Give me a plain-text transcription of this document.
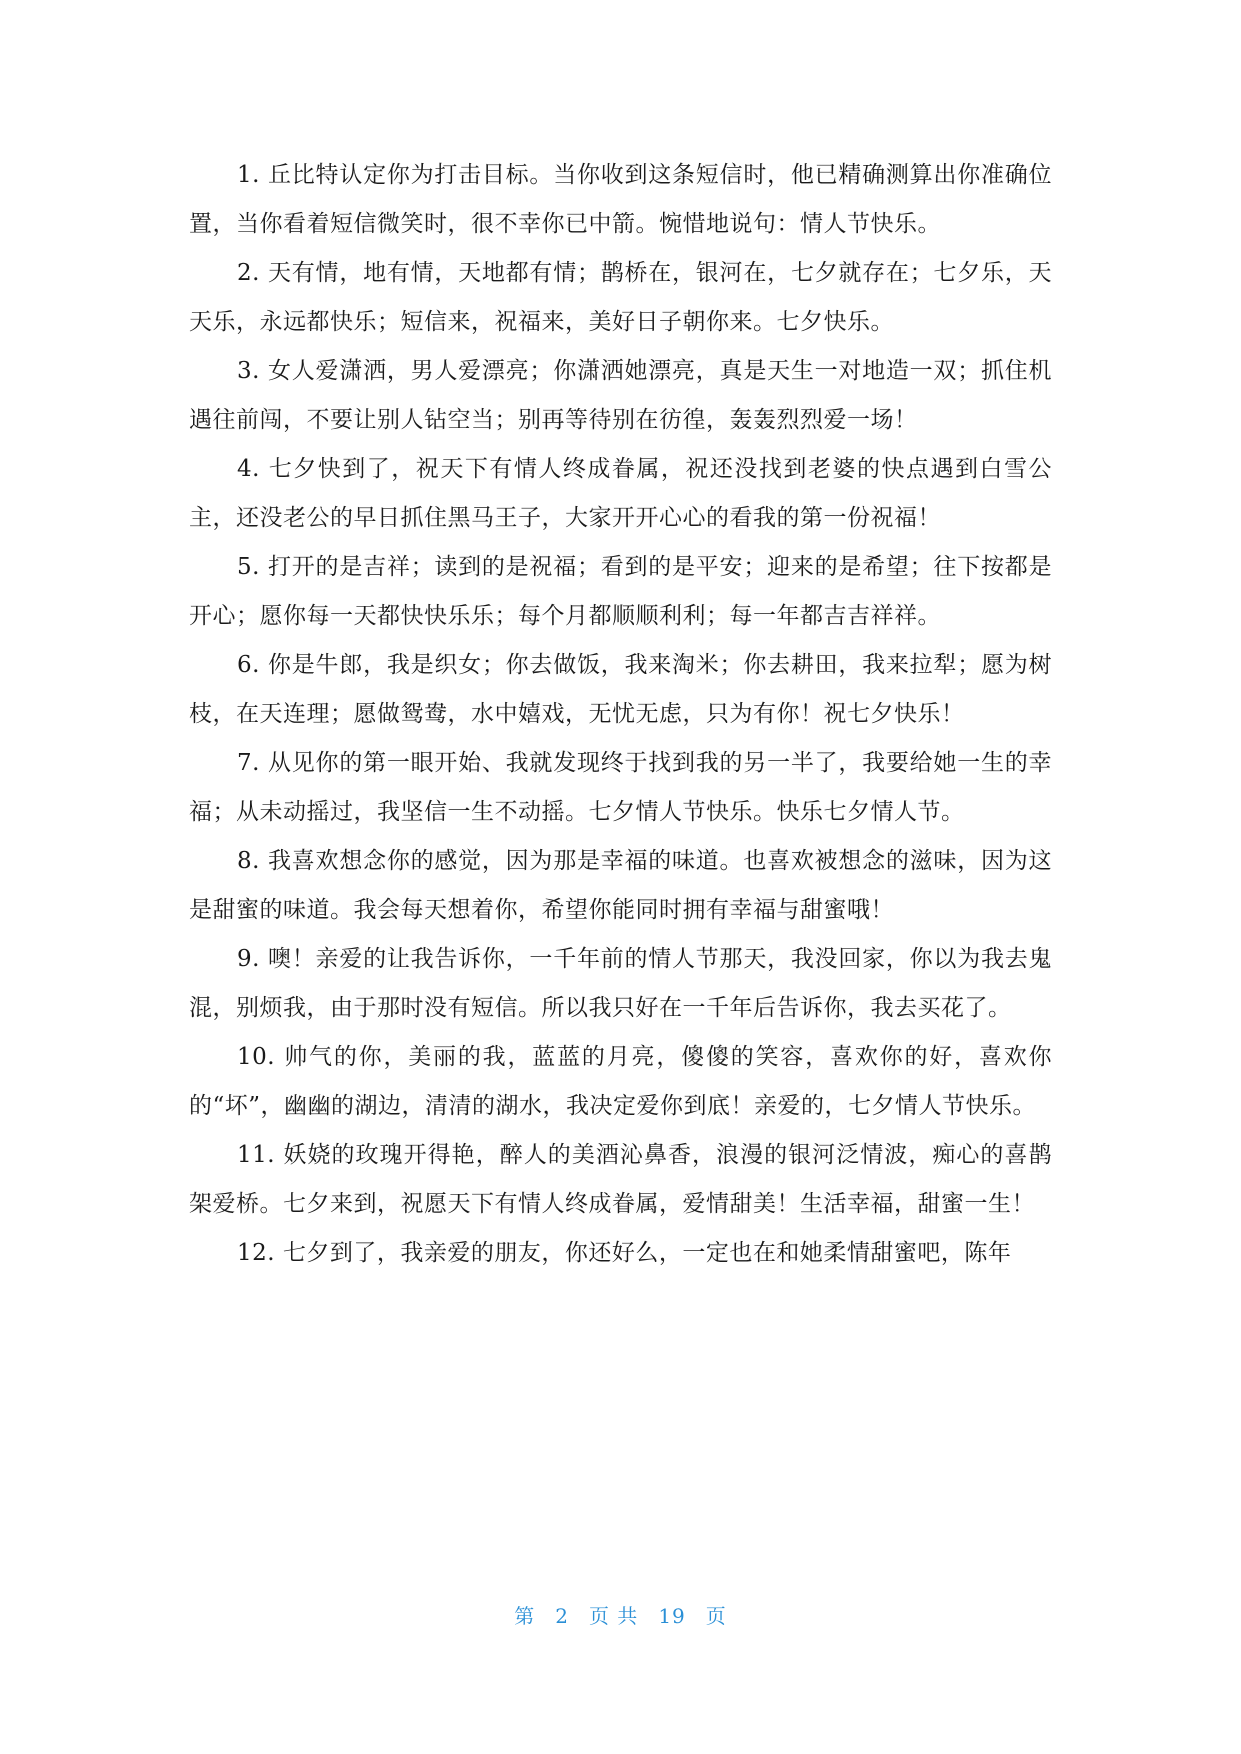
1. 丘比特认定你为打击目标。当你收到这条短信时，他已精确测算出你准确位置，当你看着短信微笑时，很不幸你已中箭。惋惜地说句：情人节快乐。

2. 天有情，地有情，天地都有情；鹊桥在，银河在，七夕就存在；七夕乐，天天乐，永远都快乐；短信来，祝福来，美好日子朝你来。七夕快乐。

3. 女人爱潇洒，男人爱漂亮；你潇洒她漂亮，真是天生一对地造一双；抓住机遇往前闯，不要让别人钻空当；别再等待别在彷徨，轰轰烈烈爱一场！

4. 七夕快到了，祝天下有情人终成眷属，祝还没找到老婆的快点遇到白雪公主，还没老公的早日抓住黑马王子，大家开开心心的看我的第一份祝福！

5. 打开的是吉祥；读到的是祝福；看到的是平安；迎来的是希望；往下按都是开心；愿你每一天都快快乐乐；每个月都顺顺利利；每一年都吉吉祥祥。

6. 你是牛郎，我是织女；你去做饭，我来淘米；你去耕田，我来拉犁；愿为树枝，在天连理；愿做鸳鸯，水中嬉戏，无忧无虑，只为有你！祝七夕快乐！

7. 从见你的第一眼开始、我就发现终于找到我的另一半了，我要给她一生的幸福；从未动摇过，我坚信一生不动摇。七夕情人节快乐。快乐七夕情人节。

8. 我喜欢想念你的感觉，因为那是幸福的味道。也喜欢被想念的滋味，因为这是甜蜜的味道。我会每天想着你，希望你能同时拥有幸福与甜蜜哦！

9. 噢！亲爱的让我告诉你，一千年前的情人节那天，我没回家，你以为我去鬼混，别烦我，由于那时没有短信。所以我只好在一千年后告诉你，我去买花了。

10. 帅气的你，美丽的我，蓝蓝的月亮，傻傻的笑容，喜欢你的好，喜欢你的“坏”，幽幽的湖边，清清的湖水，我决定爱你到底！亲爱的，七夕情人节快乐。

11. 妖娆的玫瑰开得艳，醉人的美酒沁鼻香，浪漫的银河泛情波，痴心的喜鹊架爱桥。七夕来到，祝愿天下有情人终成眷属，爱情甜美！生活幸福，甜蜜一生！

12. 七夕到了，我亲爱的朋友，你还好么，一定也在和她柔情甜蜜吧，陈年

第 2 页 共 19 页
